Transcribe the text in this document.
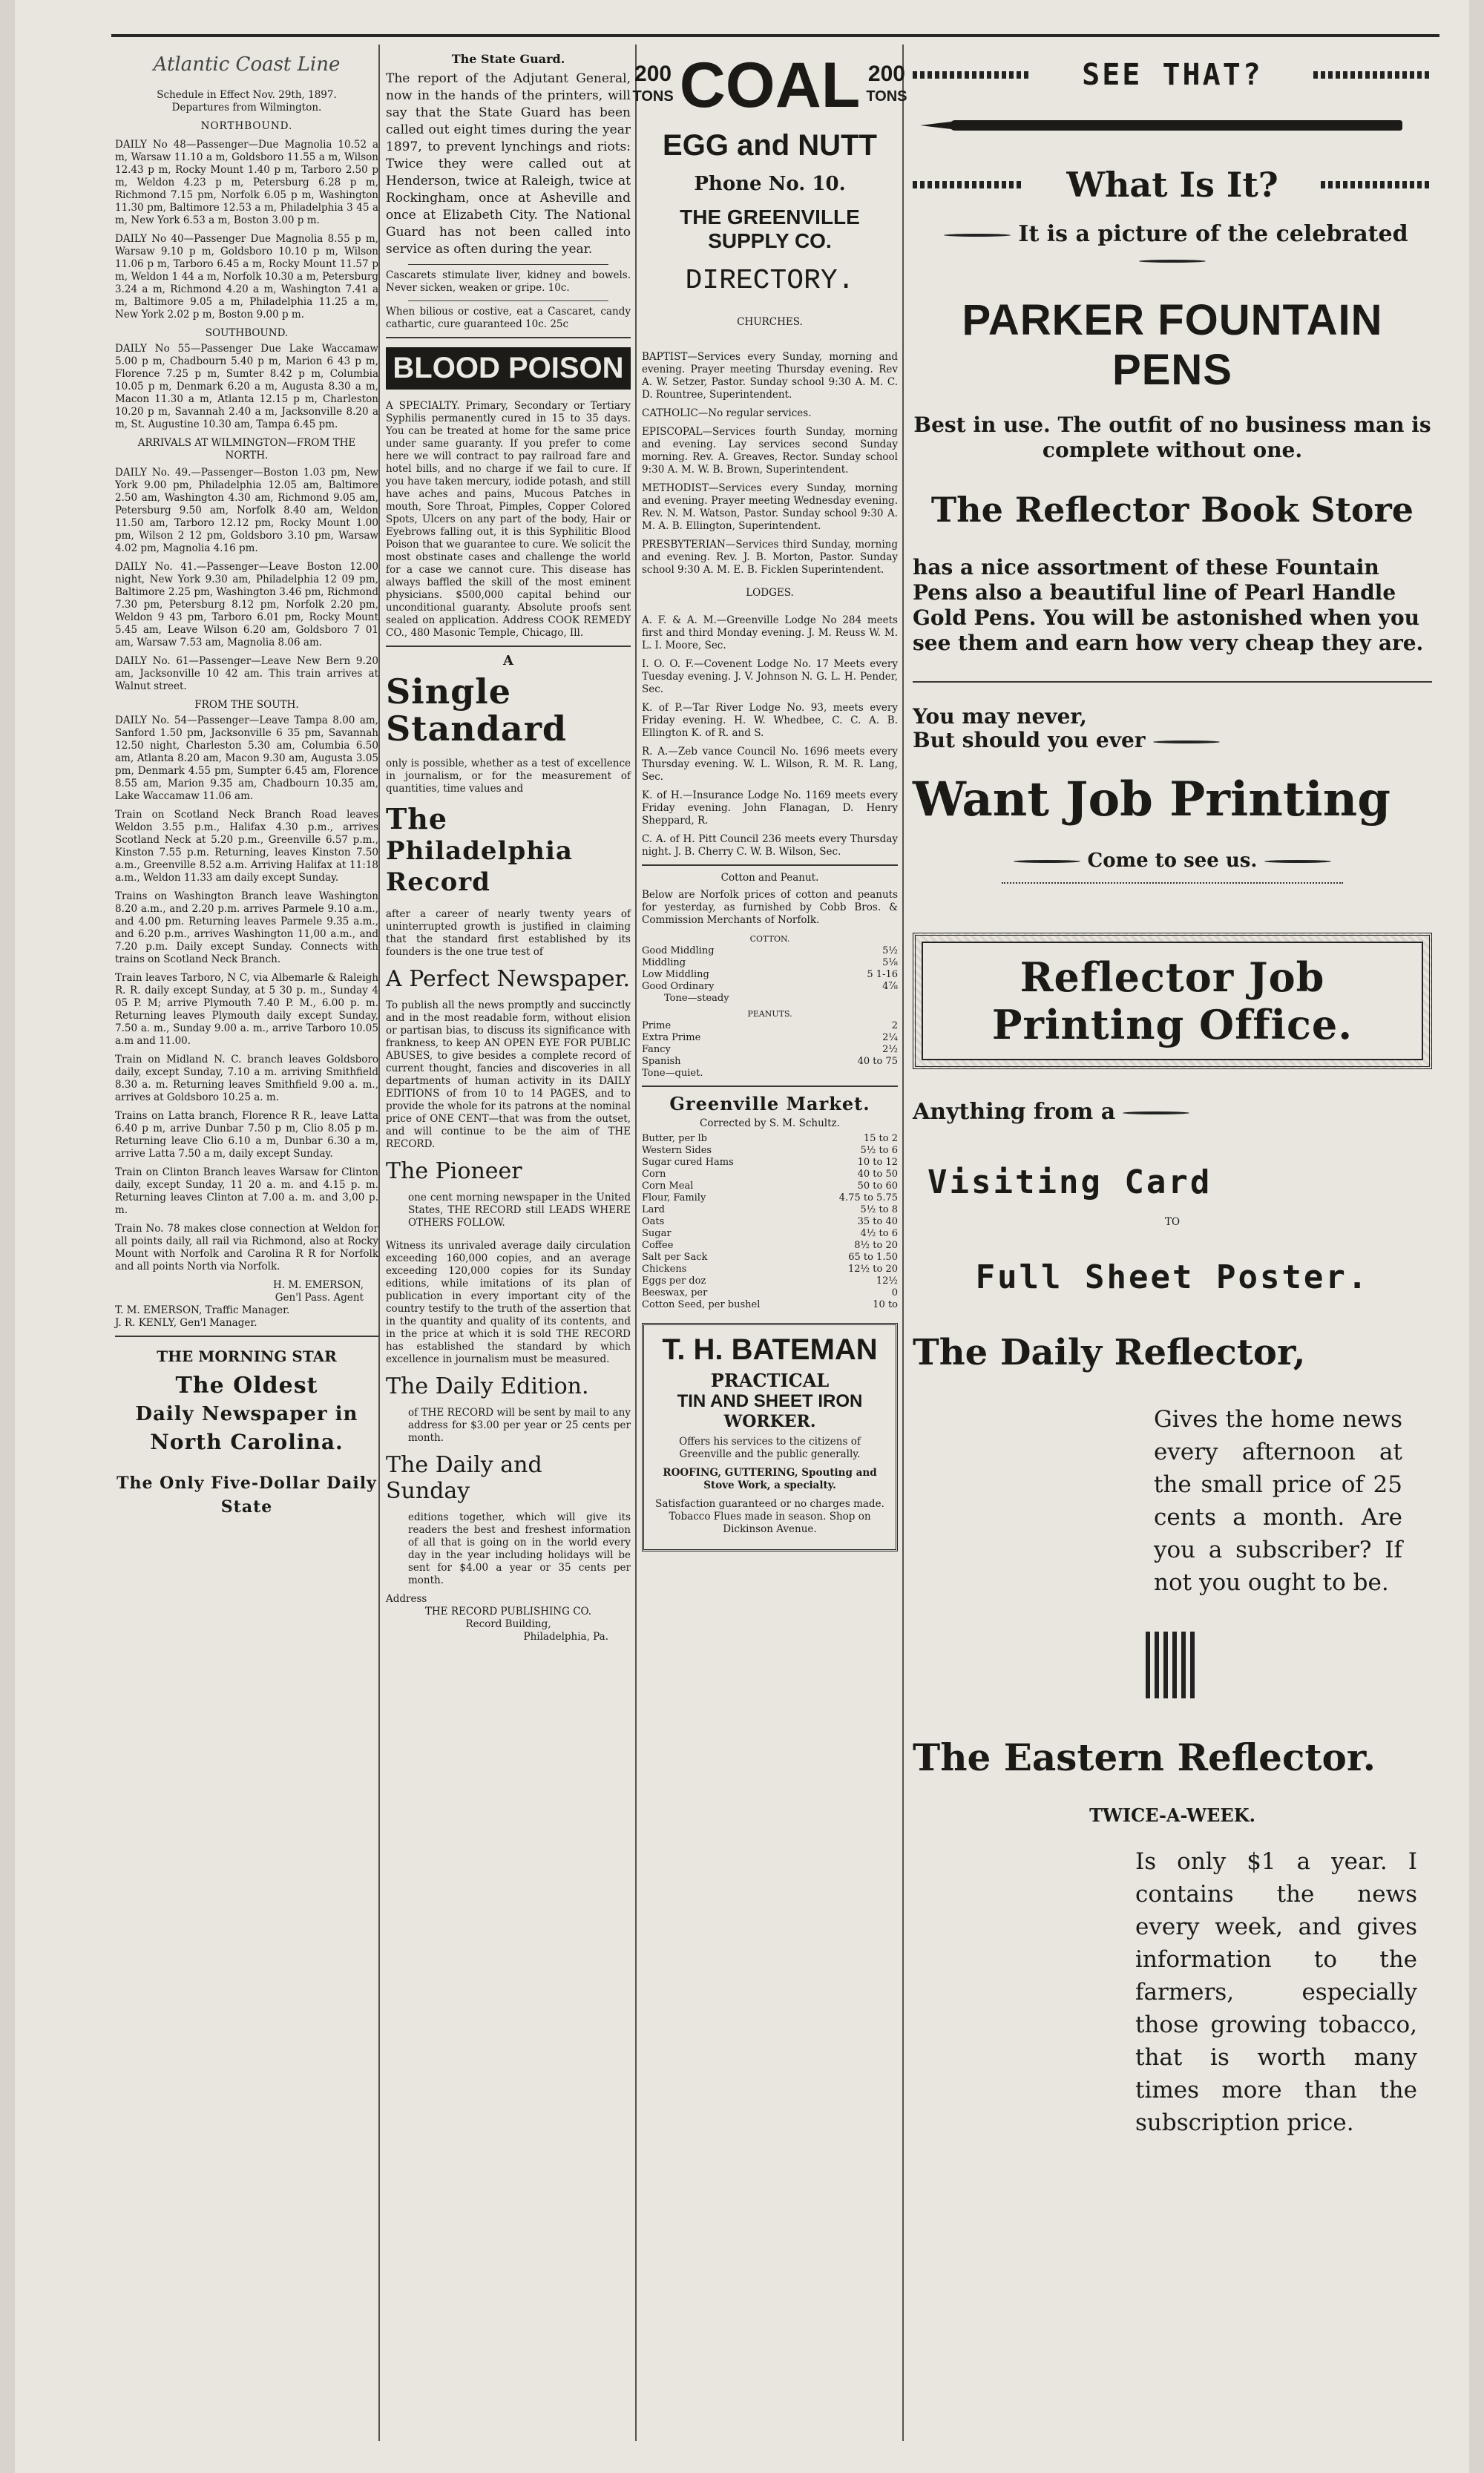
Atlantic Coast Line
Schedule in Effect Nov. 29th, 1897.
Departures from Wilmington.
NORTHBOUND.

DAILY No 48—Passenger—Due Magnolia 10.52 a m, Warsaw 11.10 a m, Goldsboro 11.55 a m, Wilson 12.43 p m, Rocky Mount 1.40 p m, Tarboro 2.50 p m, Weldon 4.23 p m, Petersburg 6.28 p m, Richmond 7.15 pm, Norfolk 6.05 p m, Washington 11.30 pm, Baltimore 12.53 a m, Philadelphia 3 45 a m, New York 6.53 a m, Boston 3.00 p m.

DAILY No 40—Passenger Due Magnolia 8.55 p m, Warsaw 9.10 p m, Goldsboro 10.10 p m, Wilson 11.06 p m, Tarboro 6.45 a m, Rocky Mount 11.57 p m, Weldon 1 44 a m, Norfolk 10.30 a m, Petersburg 3.24 a m, Richmond 4.20 a m, Washington 7.41 a m, Baltimore 9.05 a m, Philadelphia 11.25 a m, New York 2.02 p m, Boston 9.00 p m.

SOUTHBOUND.

DAILY No 55—Passenger Due Lake Waccamaw 5.00 p m, Chadbourn 5.40 p m, Marion 6 43 p m, Florence 7.25 p m, Sumter 8.42 p m, Columbia 10.05 p m, Denmark 6.20 a m, Augusta 8.30 a m, Macon 11.30 a m, Atlanta 12.15 p m, Charleston 10.20 p m, Savannah 2.40 a m, Jacksonville 8.20 a m, St. Augustine 10.30 am, Tampa 6.45 pm.

ARRIVALS AT WILMINGTON—FROM THE NORTH.

DAILY No. 49.—Passenger—Boston 1.03 pm, New York 9.00 pm, Philadelphia 12.05 am, Baltimore 2.50 am, Washington 4.30 am, Richmond 9.05 am, Petersburg 9.50 am, Norfolk 8.40 am, Weldon 11.50 am, Tarboro 12.12 pm, Rocky Mount 1.00 pm, Wilson 2 12 pm, Goldsboro 3.10 pm, Warsaw 4.02 pm, Magnolia 4.16 pm.

DAILY No. 41.—Passenger—Leave Boston 12.00 night, New York 9.30 am, Philadelphia 12 09 pm, Baltimore 2.25 pm, Washington 3.46 pm, Richmond 7.30 pm, Petersburg 8.12 pm, Norfolk 2.20 pm, Weldon 9 43 pm, Tarboro 6.01 pm, Rocky Mount 5.45 am, Leave Wilson 6.20 am, Goldsboro 7 01 am, Warsaw 7.53 am, Magnolia 8.06 am.

DAILY No. 61—Passenger—Leave New Bern 9.20 am, Jacksonville 10 42 am. This train arrives at Walnut street.

FROM THE SOUTH.

DAILY No. 54—Passenger—Leave Tampa 8.00 am, Sanford 1.50 pm, Jacksonville 6 35 pm, Savannah 12.50 night, Charleston 5.30 am, Columbia 6.50 am, Atlanta 8.20 am, Macon 9.30 am, Augusta 3.05 pm, Denmark 4.55 pm, Sumpter 6.45 am, Florence 8.55 am, Marion 9.35 am, Chadbourn 10.35 am, Lake Waccamaw 11.06 am.

Train on Scotland Neck Branch Road leaves Weldon 3.55 p.m., Halifax 4.30 p.m., arrives Scotland Neck at 5.20 p.m., Greenville 6.57 p.m., Kinston 7.55 p.m. Returning, leaves Kinston 7.50 a.m., Greenville 8.52 a.m. Arriving Halifax at 11:18 a.m., Weldon 11.33 am daily except Sunday.

Trains on Washington Branch leave Washington 8.20 a.m., and 2.20 p.m. arrives Parmele 9.10 a.m., and 4.00 pm. Returning leaves Parmele 9.35 a.m., and 6.20 p.m., arrives Washington 11,00 a.m., and 7.20 p.m. Daily except Sunday. Connects with trains on Scotland Neck Branch.

Train leaves Tarboro, N C, via Albemarle & Raleigh R. R. daily except Sunday, at 5 30 p. m., Sunday 4 05 P. M; arrive Plymouth 7.40 P. M., 6.00 p. m. Returning leaves Plymouth daily except Sunday, 7.50 a. m., Sunday 9.00 a. m., arrive Tarboro 10.05 a.m and 11.00.

Train on Midland N. C. branch leaves Goldsboro daily, except Sunday, 7.10 a m. arriving Smithfield 8.30 a. m. Returning leaves Smithfield 9.00 a. m., arrives at Goldsboro 10.25 a. m.

Trains on Latta branch, Florence R R., leave Latta 6.40 p m, arrive Dunbar 7.50 p m, Clio 8.05 p m. Returning leave Clio 6.10 a m, Dunbar 6.30 a m, arrive Latta 7.50 a m, daily except Sunday.

Train on Clinton Branch leaves Warsaw for Clinton daily, except Sunday, 11 20 a. m. and 4.15 p. m. Returning leaves Clinton at 7.00 a. m. and 3,00 p. m.

Train No. 78 makes close connection at Weldon for all points daily, all rail via Richmond, also at Rocky Mount with Norfolk and Carolina R R for Norfolk and all points North via Norfolk.

H. M. EMERSON,
Gen'l Pass. Agent
T. M. EMERSON, Traffic Manager.
J. R. KENLY, Gen'l Manager.
THE MORNING STAR
The Oldest
Daily Newspaper in
North Carolina.
The Only Five-Dollar Daily
State
The State Guard.

The report of the Adjutant General, now in the hands of the printers, will say that the State Guard has been called out eight times during the year 1897, to prevent lynchings and riots: Twice they were called out at Henderson, twice at Raleigh, twice at Rockingham, once at Asheville and once at Elizabeth City. The National Guard has not been called into service as often during the year.

Cascarets stimulate liver, kidney and bowels. Never sicken, weaken or gripe. 10c.

When bilious or costive, eat a Cascaret, candy cathartic, cure guaranteed 10c. 25c

BLOOD POISON

A SPECIALTY. Primary, Secondary or Tertiary Syphilis permanently cured in 15 to 35 days. You can be treated at home for the same price under same guaranty. If you prefer to come here we will contract to pay railroad fare and hotel bills, and no charge if we fail to cure. If you have taken mercury, iodide potash, and still have aches and pains, Mucous Patches in mouth, Sore Throat, Pimples, Copper Colored Spots, Ulcers on any part of the body, Hair or Eyebrows falling out, it is this Syphilitic Blood Poison that we guarantee to cure. We solicit the most obstinate cases and challenge the world for a case we cannot cure. This disease has always baffled the skill of the most eminent physicians. $500,000 capital behind our unconditional guaranty. Absolute proofs sent sealed on application. Address COOK REMEDY CO., 480 Masonic Temple, Chicago, Ill.

A
Single
Standard

only is possible, whether as a test of excellence in journalism, or for the measurement of quantities, time values and

The
Philadelphia
Record

after a career of nearly twenty years of uninterrupted growth is justified in claiming that the standard first established by its founders is the one true test of

A Perfect Newspaper.

To publish all the news promptly and succinctly and in the most readable form, without elision or partisan bias, to discuss its significance with frankness, to keep AN OPEN EYE FOR PUBLIC ABUSES, to give besides a complete record of current thought, fancies and discoveries in all departments of human activity in its DAILY EDITIONS of from 10 to 14 PAGES, and to provide the whole for its patrons at the nominal price of ONE CENT—that was from the outset, and will continue to be the aim of THE RECORD.

The Pioneer

one cent morning newspaper in the United States, THE RECORD still LEADS WHERE OTHERS FOLLOW.

Witness its unrivaled average daily circulation exceeding 160,000 copies, and an average exceeding 120,000 copies for its Sunday editions, while imitations of its plan of publication in every important city of the country testify to the truth of the assertion that in the quantity and quality of its contents, and in the price at which it is sold THE RECORD has established the standard by which excellence in journalism must be measured.

The Daily Edition.

of THE RECORD will be sent by mail to any address for $3.00 per year or 25 cents per month.

The Daily and Sunday

editions together, which will give its readers the best and freshest information of all that is going on in the world every day in the year including holidays will be sent for $4.00 a year or 35 cents per month.

Address
THE RECORD PUBLISHING CO.
Record Building,
Philadelphia, Pa.
200
TONS COAL 200
TONS
EGG and NUTT
Phone No. 10.
THE GREENVILLE SUPPLY CO.
DIRECTORY.
CHURCHES.

BAPTIST—Services every Sunday, morning and evening. Prayer meeting Thursday evening. Rev A. W. Setzer, Pastor. Sunday school 9:30 A. M. C. D. Rountree, Superintendent.

CATHOLIC—No regular services.

EPISCOPAL—Services fourth Sunday, morning and evening. Lay services second Sunday morning. Rev. A. Greaves, Rector. Sunday school 9:30 A. M. W. B. Brown, Superintendent.

METHODIST—Services every Sunday, morning and evening. Prayer meeting Wednesday evening. Rev. N. M. Watson, Pastor. Sunday school 9:30 A. M. A. B. Ellington, Superintendent.

PRESBYTERIAN—Services third Sunday, morning and evening. Rev. J. B. Morton, Pastor. Sunday school 9:30 A. M. E. B. Ficklen Superintendent.

LODGES.

A. F. & A. M.—Greenville Lodge No 284 meets first and third Monday evening. J. M. Reuss W. M. L. I. Moore, Sec.

I. O. O. F.—Covenent Lodge No. 17 Meets every Tuesday evening. J. V. Johnson N. G. L. H. Pender, Sec.

K. of P.—Tar River Lodge No. 93, meets every Friday evening. H. W. Whedbee, C. C. A. B. Ellington K. of R. and S.

R. A.—Zeb vance Council No. 1696 meets every Thursday evening. W. L. Wilson, R. M. R. Lang, Sec.

K. of H.—Insurance Lodge No. 1169 meets every Friday evening. John Flanagan, D. Henry Sheppard, R.

C. A. of H. Pitt Council 236 meets every Thursday night. J. B. Cherry C. W. B. Wilson, Sec.

Cotton and Peanut.

Below are Norfolk prices of cotton and peanuts for yesterday, as furnished by Cobb Bros. & Commission Merchants of Norfolk.

COTTON.
Good Middling	5½
Middling	5⅛
Low Middling	5 1-16
Good Ordinary	4⅞
Tone—steady	
PEANUTS.
Prime	2
Extra Prime	2¼
Fancy	2½
Spanish	40 to 75
Tone—quiet.	
Greenville Market.
Corrected by S. M. Schultz.
Butter, per lb	15 to 2
Western Sides	5½ to 6
Sugar cured Hams	10 to 12
Corn	40 to 50
Corn Meal	50 to 60
Flour, Family	4.75 to 5.75
Lard	5½ to 8
Oats	35 to 40
Sugar	4½ to 6
Coffee	8½ to 20
Salt per Sack	65 to 1.50
Chickens	12½ to 20
Eggs per doz	12½
Beeswax, per	0
Cotton Seed, per bushel	10 to
T. H. BATEMAN
PRACTICAL
TIN AND SHEET IRON
WORKER.

Offers his services to the citizens of Greenville and the public generally.

ROOFING, GUTTERING, Spouting and Stove Work, a specialty.

Satisfaction guaranteed or no charges made. Tobacco Flues made in season. Shop on Dickinson Avenue.

SEE THAT?
What Is It?
It is a picture of the celebrated
PARKER FOUNTAIN PENS
Best in use. The outfit of no business man is complete without one.
The Reflector Book Store
has a nice assortment of these Fountain Pens also a beautiful line of Pearl Handle Gold Pens. You will be astonished when you see them and earn how very cheap they are.
You may never,
But should you ever
Want Job Printing
Come to see us.
Reflector Job Printing Office.
Anything from a
Visiting Card
TO
Full Sheet Poster.
The Daily Reflector,
Gives the home news every afternoon at the small price of 25 cents a month. Are you a subscriber? If not you ought to be.
The Eastern Reflector.
TWICE-A-WEEK.
Is only $1 a year. I contains the news every week, and gives information to the farmers, especially those growing tobacco, that is worth many times more than the subscription price.
